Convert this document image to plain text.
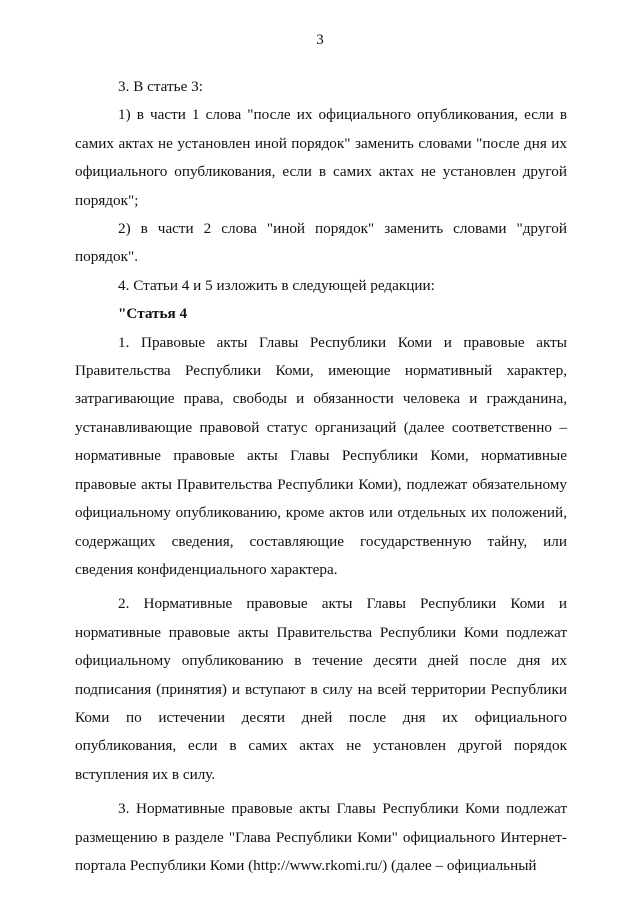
3

3. В статье 3:

1) в части 1 слова "после их официального опубликования, если в самих актах не установлен иной порядок" заменить словами "после дня их официального опубликования, если в самих актах не установлен другой порядок";

2) в части 2 слова "иной порядок" заменить словами "другой порядок".

4. Статьи 4 и 5 изложить в следующей редакции:

"Статья 4

1. Правовые акты Главы Республики Коми и правовые акты Правительства Республики Коми, имеющие нормативный характер, затрагивающие права, свободы и обязанности человека и гражданина, устанавливающие правовой статус организаций (далее соответственно – нормативные правовые акты Главы Республики Коми, нормативные правовые акты Правительства Республики Коми), подлежат обязательному официальному опубликованию, кроме актов или отдельных их положений, содержащих сведения, составляющие государственную тайну, или сведения конфиденциального характера.

2. Нормативные правовые акты Главы Республики Коми и нормативные правовые акты Правительства Республики Коми подлежат официальному опубликованию в течение десяти дней после дня их подписания (принятия) и вступают в силу на всей территории Республики Коми по истечении десяти дней после дня их официального опубликования, если в самих актах не установлен другой порядок вступления их в силу.

3. Нормативные правовые акты Главы Республики Коми подлежат размещению в разделе "Глава Республики Коми" официального Интернет-портала Республики Коми (http://www.rkomi.ru/) (далее – официальный
